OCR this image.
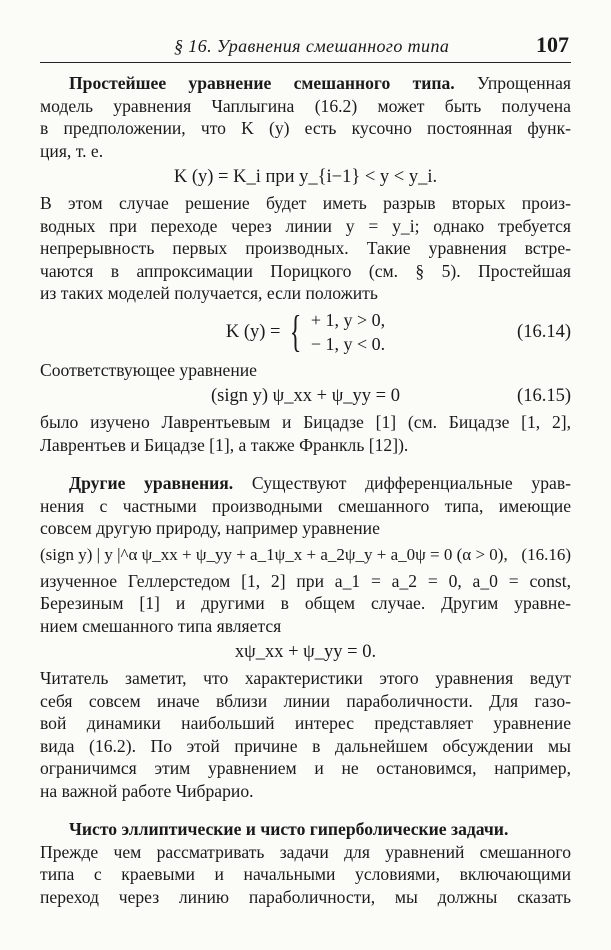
§ 16. Уравнения смешанного типа	107

Простейшее уравнение смешанного типа. Упрощенная

модель уравнения Чаплыгина (16.2) может быть получена

в предположении, что K (y) есть кусочно постоянная функ-

ция, т. е.

K (y) = K_i при y_{i−1} < y < y_i.

В этом случае решение будет иметь разрыв вторых произ-

водных при переходе через линии y = y_i; однако требуется

непрерывность первых производных. Такие уравнения встре-

чаются в аппроксимации Порицкого (см. § 5). Простейшая

из таких моделей получается, если положить

K (y) = { + 1, y > 0,
− 1, y < 0.
(16.14)

Соответствующее уравнение

(sign y) ψ_xx + ψ_yy = 0	(16.15)

было изучено Лаврентьевым и Бицадзе [1] (см. Бицадзе [1, 2],

Лаврентьев и Бицадзе [1], а также Франкль [12]).

Другие уравнения. Существуют дифференциальные урав-

нения с частными производными смешанного типа, имеющие

совсем другую природу, например уравнение

(sign y) | y |^α ψ_xx + ψ_yy + a_1ψ_x + a_2ψ_y + a_0ψ = 0 (α > 0), (16.16)

изученное Геллерстедом [1, 2] при a_1 = a_2 = 0, a_0 = const,

Березиным [1] и другими в общем случае. Другим уравне-

нием смешанного типа является

xψ_xx + ψ_yy = 0.

Читатель заметит, что характеристики этого уравнения ведут

себя совсем иначе вблизи линии параболичности. Для газо-

вой динамики наибольший интерес представляет уравнение

вида (16.2). По этой причине в дальнейшем обсуждении мы

ограничимся этим уравнением и не остановимся, например,

на важной работе Чибрарио.

Чисто эллиптические и чисто гиперболические задачи.

Прежде чем рассматривать задачи для уравнений смешанного

типа с краевыми и начальными условиями, включающими

переход через линию параболичности, мы должны сказать
